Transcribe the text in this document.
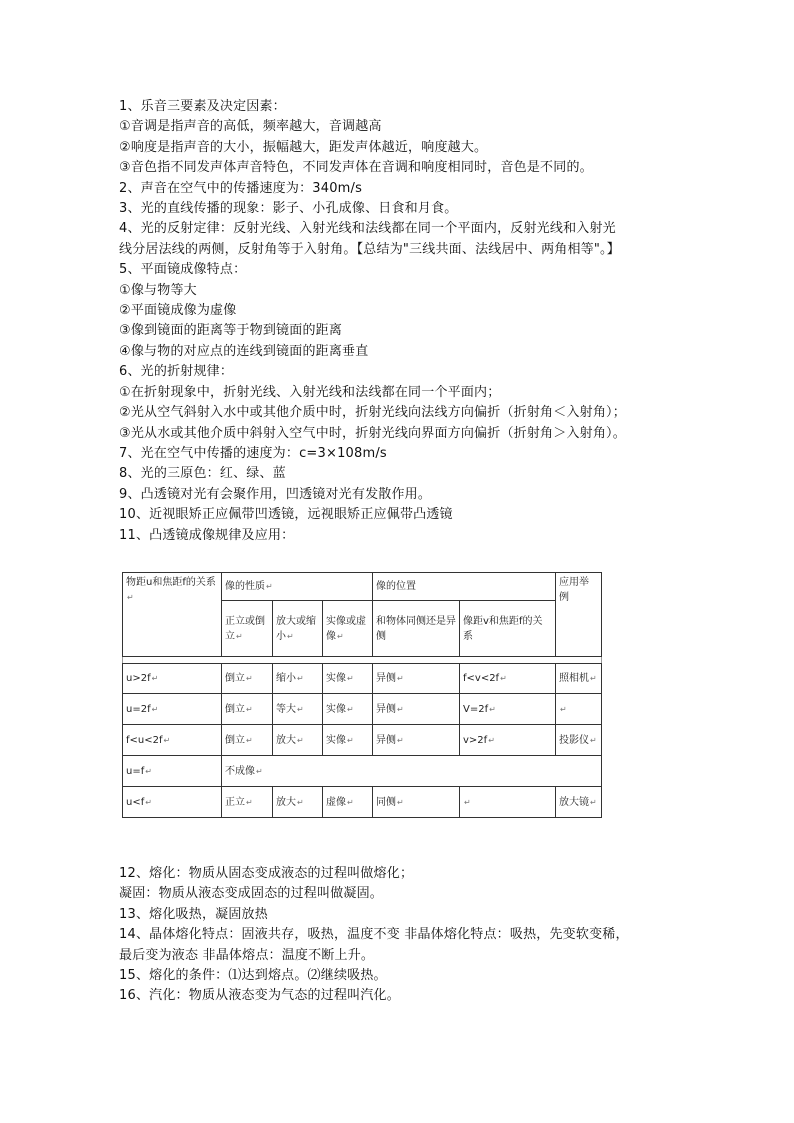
1、乐音三要素及决定因素：
①音调是指声音的高低，频率越大，音调越高
②响度是指声音的大小，振幅越大，距发声体越近，响度越大。
③音色指不同发声体声音特色，不同发声体在音调和响度相同时，音色是不同的。
2、声音在空气中的传播速度为：340m/s
3、光的直线传播的现象：影子、小孔成像、日食和月食。
4、光的反射定律：反射光线、入射光线和法线都在同一个平面内，反射光线和入射光
线分居法线的两侧，反射角等于入射角。【总结为"三线共面、法线居中、两角相等"。】
5、平面镜成像特点：
①像与物等大
②平面镜成像为虚像
③像到镜面的距离等于物到镜面的距离
④像与物的对应点的连线到镜面的距离垂直
6、光的折射规律：
①在折射现象中，折射光线、入射光线和法线都在同一个平面内；
②光从空气斜射入水中或其他介质中时，折射光线向法线方向偏折（折射角＜入射角）；
③光从水或其他介质中斜射入空气中时，折射光线向界面方向偏折（折射角＞入射角）。
7、光在空气中传播的速度为：c=3×108m/s
8、光的三原色：红、绿、蓝
9、凸透镜对光有会聚作用，凹透镜对光有发散作用。
10、近视眼矫正应佩带凹透镜，远视眼矫正应佩带凸透镜
11、凸透镜成像规律及应用：
物距u和焦距f的关系↵	像的性质↵			像的位置		应用举例
	正立或倒立↵	放大或缩小↵	实像或虚像↵	和物体同侧还是异侧	像距v和焦距f的关系	

u>2f↵	倒立↵	缩小↵	实像↵	异侧↵	f<v<2f↵	照相机↵
u=2f↵	倒立↵	等大↵	实像↵	异侧↵	V=2f↵	↵
f<u<2f↵	倒立↵	放大↵	实像↵	异侧↵	v>2f↵	投影仪↵
u=f↵	不成像↵					
u<f↵	正立↵	放大↵	虚像↵	同侧↵	↵	放大镜↵
12、熔化：物质从固态变成液态的过程叫做熔化；
凝固：物质从液态变成固态的过程叫做凝固。
13、熔化吸热，凝固放热
14、晶体熔化特点：固液共存，吸热，温度不变 非晶体熔化特点：吸热，先变软变稀，
最后变为液态 非晶体熔点：温度不断上升。
15、熔化的条件：⑴达到熔点。⑵继续吸热。
16、汽化：物质从液态变为气态的过程叫汽化。
